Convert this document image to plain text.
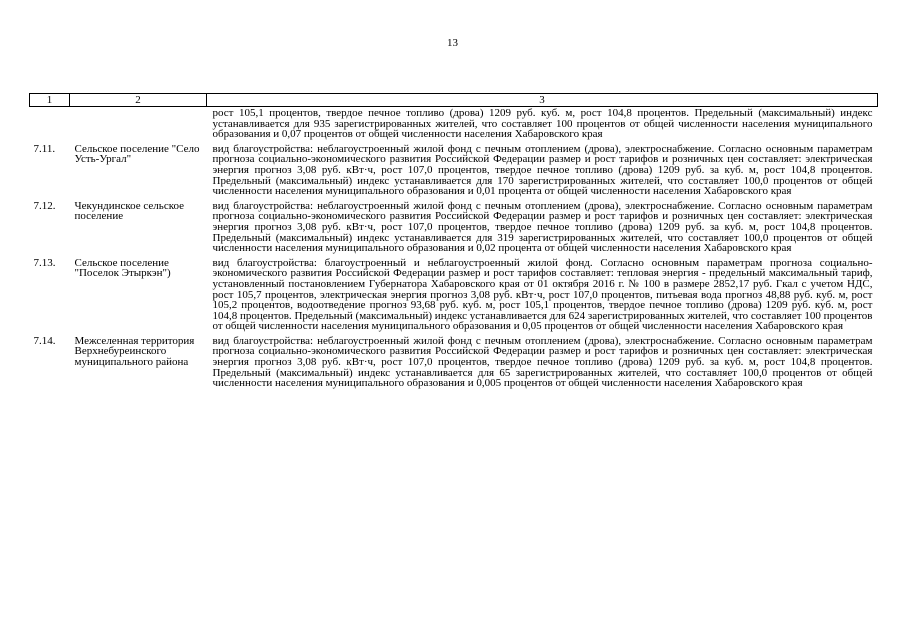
13
1	2	3
		рост 105,1 процентов, твердое печное топливо (дрова) 1209 руб. куб. м, рост 104,8 процентов. Предельный (максимальный) индекс устанавливается для 935 зарегистрированных жителей, что составляет 100 процентов от общей численности населения муниципального образования и 0,07 процентов от общей численности населения Хабаровского края
7.11.	Сельское поселение "Село Усть-Ургал"	вид благоустройства: неблагоустроенный жилой фонд с печным отоплением (дрова), электроснабжение. Согласно основным параметрам прогноза социально-экономического развития Российской Федерации размер и рост тарифов и розничных цен составляет: электрическая энергия прогноз 3,08 руб. кВт·ч, рост 107,0 процентов, твердое печное топливо (дрова) 1209 руб. за куб. м, рост 104,8 процентов. Предельный (максимальный) индекс устанавливается для 170 зарегистрированных жителей, что составляет 100,0 процентов от общей численности населения муниципального образования и 0,01 процента от общей численности населения Хабаровского края
7.12.	Чекундинское сельское поселение	вид благоустройства: неблагоустроенный жилой фонд с печным отоплением (дрова), электроснабжение. Согласно основным параметрам прогноза социально-экономического развития Российской Федерации размер и рост тарифов и розничных цен составляет: электрическая энергия прогноз 3,08 руб. кВт·ч, рост 107,0 процентов, твердое печное топливо (дрова) 1209 руб. за куб. м, рост 104,8 процентов. Предельный (максимальный) индекс устанавливается для 319 зарегистрированных жителей, что составляет 100,0 процентов от общей численности населения муниципального образования и 0,02 процента от общей численности населения Хабаровского края
7.13.	Сельское поселение "Поселок Этыркэн")	вид благоустройства: благоустроенный и неблагоустроенный жилой фонд. Согласно основным параметрам прогноза социально-экономического развития Российской Федерации размер и рост тарифов составляет: тепловая энергия - предельный максимальный тариф, установленный постановлением Губернатора Хабаровского края от 01 октября 2016 г. № 100 в размере 2852,17 руб. Гкал с учетом НДС, рост 105,7 процентов, электрическая энергия прогноз 3,08 руб. кВт·ч, рост 107,0 процентов, питьевая вода прогноз 48,88 руб. куб. м, рост 105,2 процентов, водоотведение прогноз 93,68 руб. куб. м, рост 105,1 процентов, твердое печное топливо (дрова) 1209 руб. куб. м, рост 104,8 процентов. Предельный (максимальный) индекс устанавливается для 624 зарегистрированных жителей, что составляет 100 процентов от общей численности населения муниципального образования и 0,05 процентов от общей численности населения Хабаровского края
7.14.	Межселенная территория Верхнебуреинского муниципального района	вид благоустройства: неблагоустроенный жилой фонд с печным отоплением (дрова), электроснабжение. Согласно основным параметрам прогноза социально-экономического развития Российской Федерации размер и рост тарифов и розничных цен составляет: электрическая энергия прогноз 3,08 руб. кВт·ч, рост 107,0 процентов, твердое печное топливо (дрова) 1209 руб. за куб. м, рост 104,8 процентов. Предельный (максимальный) индекс устанавливается для 65 зарегистрированных жителей, что составляет 100,0 процентов от общей численности населения муниципального образования и 0,005 процентов от общей численности населения Хабаровского края
